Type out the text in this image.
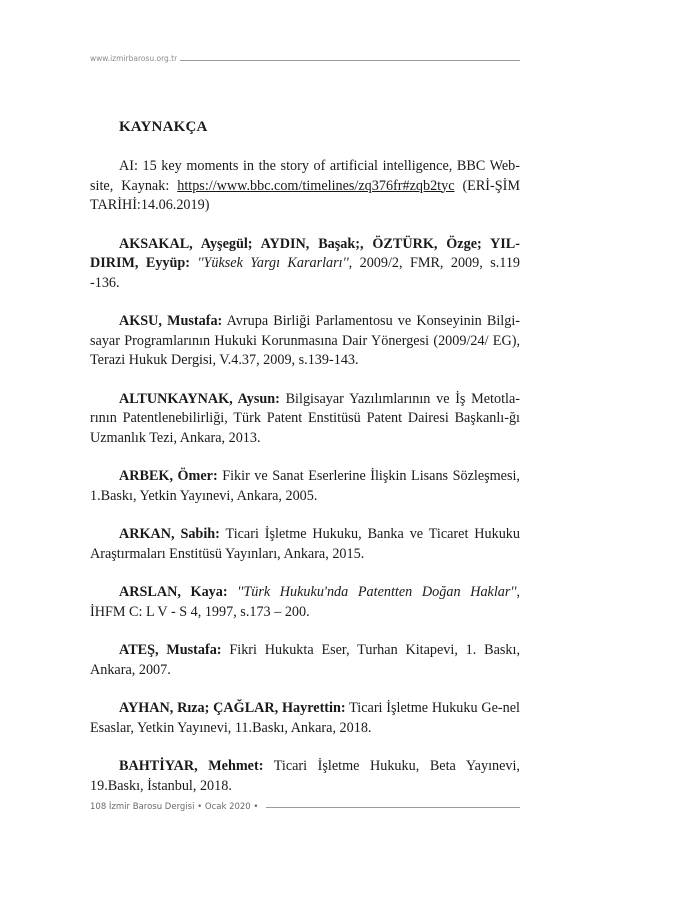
www.izmirbarosu.org.tr

KAYNAKÇA

AI: 15 key moments in the story of artificial intelligence, BBC Web-site, Kaynak: https://www.bbc.com/timelines/zq376fr#zqb2tyc (ERİ-ŞİM TARİHİ:14.06.2019)

AKSAKAL, Ayşegül; AYDIN, Başak;, ÖZTÜRK, Özge; YIL-DIRIM, Eyyüp: ''Yüksek Yargı Kararları'', 2009/2, FMR, 2009, s.119 -136.

AKSU, Mustafa: Avrupa Birliği Parlamentosu ve Konseyinin Bilgi-sayar Programlarının Hukuki Korunmasına Dair Yönergesi (2009/24/ EG), Terazi Hukuk Dergisi, V.4.37, 2009, s.139-143.

ALTUNKAYNAK, Aysun: Bilgisayar Yazılımlarının ve İş Metotla-rının Patentlenebilirliği, Türk Patent Enstitüsü Patent Dairesi Başkanlı-ğı Uzmanlık Tezi, Ankara, 2013.

ARBEK, Ömer: Fikir ve Sanat Eserlerine İlişkin Lisans Sözleşmesi, 1.Baskı, Yetkin Yayınevi, Ankara, 2005.

ARKAN, Sabih: Ticari İşletme Hukuku, Banka ve Ticaret Hukuku Araştırmaları Enstitüsü Yayınları, Ankara, 2015.

ARSLAN, Kaya: ''Türk Hukuku'nda Patentten Doğan Haklar'', İHFM C: L V - S 4, 1997, s.173 – 200.

ATEŞ, Mustafa: Fikri Hukukta Eser, Turhan Kitapevi, 1. Baskı, Ankara, 2007.

AYHAN, Rıza; ÇAĞLAR, Hayrettin: Ticari İşletme Hukuku Ge-nel Esaslar, Yetkin Yayınevi, 11.Baskı, Ankara, 2018.

BAHTİYAR, Mehmet: Ticari İşletme Hukuku, Beta Yayınevi, 19.Baskı, İstanbul, 2018.

108 İzmir Barosu Dergisi • Ocak 2020 •
